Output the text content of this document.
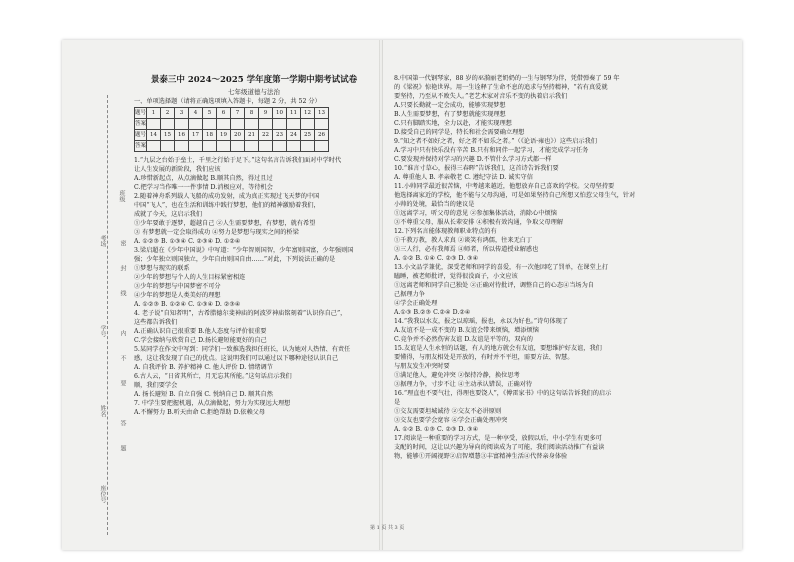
班级
考场
学号
姓名
座位号
密
封
线
内
不
要
答
题
景泰三中 2024～2025 学年度第一学期中期考试试卷
七年级道德与法治
一、单项选择题（请将正确选项填入答题卡，每题 2 分，共 52 分）
题号	1	2	3	4	5	6	7	8	9	10	11	12	13
答案													
题号	14	15	16	17	18	19	20	21	22	23	24	25	26
答案													
1.“九层之台始于垒土，千里之行始于足下。”这句名言告诉我们面对中学时代
让人生发展的新阶段，我们应该
A.珍惜新起点，从点滴做起 B.顺其自然，得过且过
C.把学习当作唯一一件事情 D.消极应对，等待机会
2.随着神舟系列载人飞船的成功发射，成为真正实现过飞天梦的中国
中国“飞人”，也在生活和训练中践行梦想，他们的精神激励着我们，
成就了今天，这启示我们
①少年要敢于逐梦，超越自己 ②人生需要梦想，有梦想，就有希望
③ 有梦想就一定会取得成功 ④努力是梦想与现实之间的桥梁
A. ①②③ B. ①③④ C. ②③④ D. ①②④
3.梁启超在《少年中国说》中写道：“少年智则国智，少年富则国富，少年强则国
强；少年独立则国独立，少年自由则国自由……”对此，下列说法正确的是
①梦想与现实的联系
②少年的梦想与个人的人生目标紧密相连
③少年的梦想与中国梦密不可分
④少年的梦想是人类美好的理想
A. ①②③ B. ①②④ C. ①③④ D. ②③④
4. 老子说“自知者明”，古希腊德尔斐神庙的阿波罗神庙铭刻着“认识你自己”，
这些都告诉我们
A.正确认识自己很重要 B.他人态度与评价很重要
C.学会接纳与欣赏自己 D.扬长避短能更好的自己
5.某同学在作文中写到：同学们一致推选我担任班长，认为她对人热情、有责任
感，这让我发现了自己的优点。这说明我们可以通过以下哪种途径认识自己
A. 自我评价 B. 养护精神 C. 他人评价 D. 情绪调节
6.古人云，“日省其所亡，月无忘其所能。”这句话启示我们
顺，我们要学会
A. 扬长避短 B. 自立自强 C. 悦纳自己 D. 顺其自然
7. 中学生要把握机遇，从点滴做起，努力为实现远大理想
A.不懈努力 B.听天由命 C.拒绝帮助 D.依赖父母
8.中国第一代钢琴家，88 岁的巫漪丽老奶奶的一生与钢琴为伴，凭借弹奏了 59 年
的《梁祝》惊艳世界。用一生诠释了生命不息的追求与坚持精神，“若有真爱就
要坚持，乃至从不败失人。”老艺术家对音乐不变的执着启示我们
A.只要长勤就一定会成功，能够实现梦想
B.人生需要梦想，有了梦想就能实现理想
C.只有脚踏实地，全力以赴，才能实现理想
D.接受自己的同学是，特长和社会需要确立理想
9.“知之者不如好之者，好之者不如乐之者。”（《论语·雍也》）这些启示我们
A.学习中只有快乐没有辛苦 B.只有和同伴一起学习，才能完成学习任务
C.要发现并保持对学习的兴趣 D.不管什么学习方式都一样
10.“谁言寸草心，报得三春晖”告诉我们，这首诗告诉我们要
A. 尊重他人 B. 孝亲敬老 C. 遵纪守法 D. 诚实守信
11.小帅同学最近很苦恼，中考越来越近，他想放弃自己喜欢的学校。父母坚持要
他选择离家近的学校，他不能与父母沟通，可是如果坚持自己所想又怕惹父母生气，针对
小帅的处境，最恰当的建议是
①远离学习，听父母的意见 ②参加集体活动，消除心中烦恼
③不尊重父母，服从长辈安排 ④积极有效沟通，争取父母理解
12.下列名言能体现教师职业特点的有
①千教万教，教人求真 ②谈笑有鸿儒，往来无白丁
③三人行，必有我师焉 ④师者，所以传道授业解惑也
A. ①② B. ①④ C. ②③ D. ③④
13.小文品学兼优，深受老师和同学的喜爱，有一次他因吃了罚单，在课堂上打
瞌睡，被老师批评，觉得很没面子，小文应该
①远离老师和同学自己独处 ②正确对待批评，调整自己的心态④当场为自
己据理力争
④学会正确处理
A.①③ B.②③ C.②④ D.②④
14.“我我以水友，报之以琼瑶，报也，永以为好也。”诗句体现了
A.友谊不是一成不变的 B.友谊会带来烦恼，增添烦恼
C.竞争并不必然伤害友谊 D.友谊是平等的，双向的
15.友谊是人生永恒的话题，有人的地方就会有友谊，要想维护好友谊，我们
要懂得，与朋友相处是开放的，有时并不平坦，需要方法、智慧。
与朋友发生冲突时要
①满足他人，避免冲突 ②保持冷静，换位思考
③据理力争，寸步不让 ④主动承认错误，正确对待
16.“理直也不要气壮，得理也要饶人”，《傅雷家书》中的这句话告诉我们的启示
是
①交友需要坦城诚待 ②交友不必讲原则
③交友也要学会宽容 ④学会正确处理冲突
A. ①② B. ①③ C. ②③ D. ③④
17.阅读是一种重要的学习方式，是一种享受，放假以后，中小学生有更多可
支配的时间，这让以兴趣为导向的阅读成为了可能，我们阅读活动推广有益读
物，能够①开阔视野②启智增慧③丰富精神生活④代替亲身体验
第 1 页 共 3 页
